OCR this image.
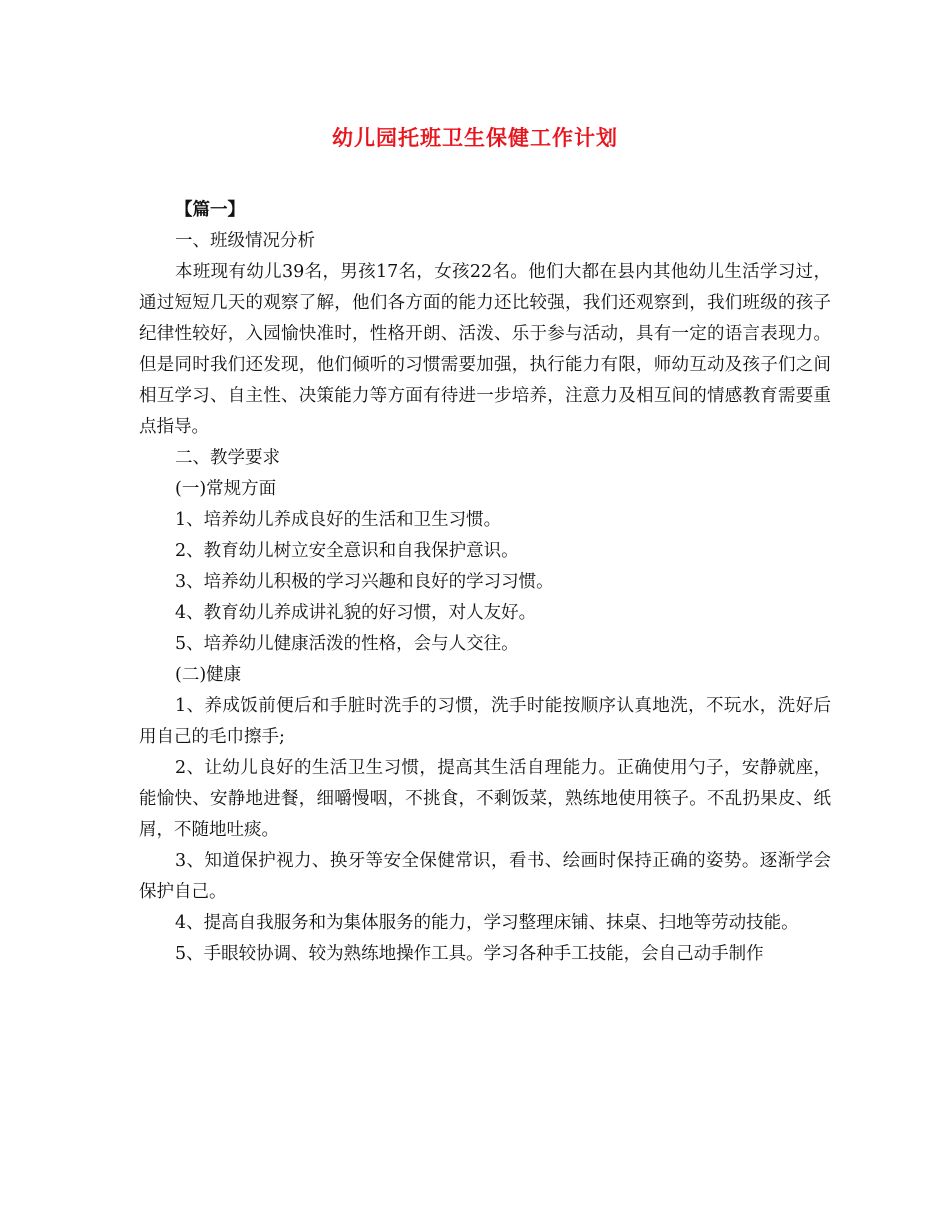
幼儿园托班卫生保健工作计划

【篇一】

一、班级情况分析

本班现有幼儿39名，男孩17名，女孩22名。他们大都在县内其他幼儿生活学习过，通过短短几天的观察了解，他们各方面的能力还比较强，我们还观察到，我们班级的孩子纪律性较好，入园愉快准时，性格开朗、活泼、乐于参与活动，具有一定的语言表现力。但是同时我们还发现，他们倾听的习惯需要加强，执行能力有限，师幼互动及孩子们之间相互学习、自主性、决策能力等方面有待进一步培养，注意力及相互间的情感教育需要重点指导。

二、教学要求

(一)常规方面

1、培养幼儿养成良好的生活和卫生习惯。

2、教育幼儿树立安全意识和自我保护意识。

3、培养幼儿积极的学习兴趣和良好的学习习惯。

4、教育幼儿养成讲礼貌的好习惯，对人友好。

5、培养幼儿健康活泼的性格，会与人交往。

(二)健康

1、养成饭前便后和手脏时洗手的习惯，洗手时能按顺序认真地洗，不玩水，洗好后用自己的毛巾擦手;

2、让幼儿良好的生活卫生习惯，提高其生活自理能力。正确使用勺子，安静就座，能愉快、安静地进餐，细嚼慢咽，不挑食，不剩饭菜，熟练地使用筷子。不乱扔果皮、纸屑，不随地吐痰。

3、知道保护视力、换牙等安全保健常识，看书、绘画时保持正确的姿势。逐渐学会保护自己。

4、提高自我服务和为集体服务的能力，学习整理床铺、抹桌、扫地等劳动技能。

5、手眼较协调、较为熟练地操作工具。学习各种手工技能，会自己动手制作
